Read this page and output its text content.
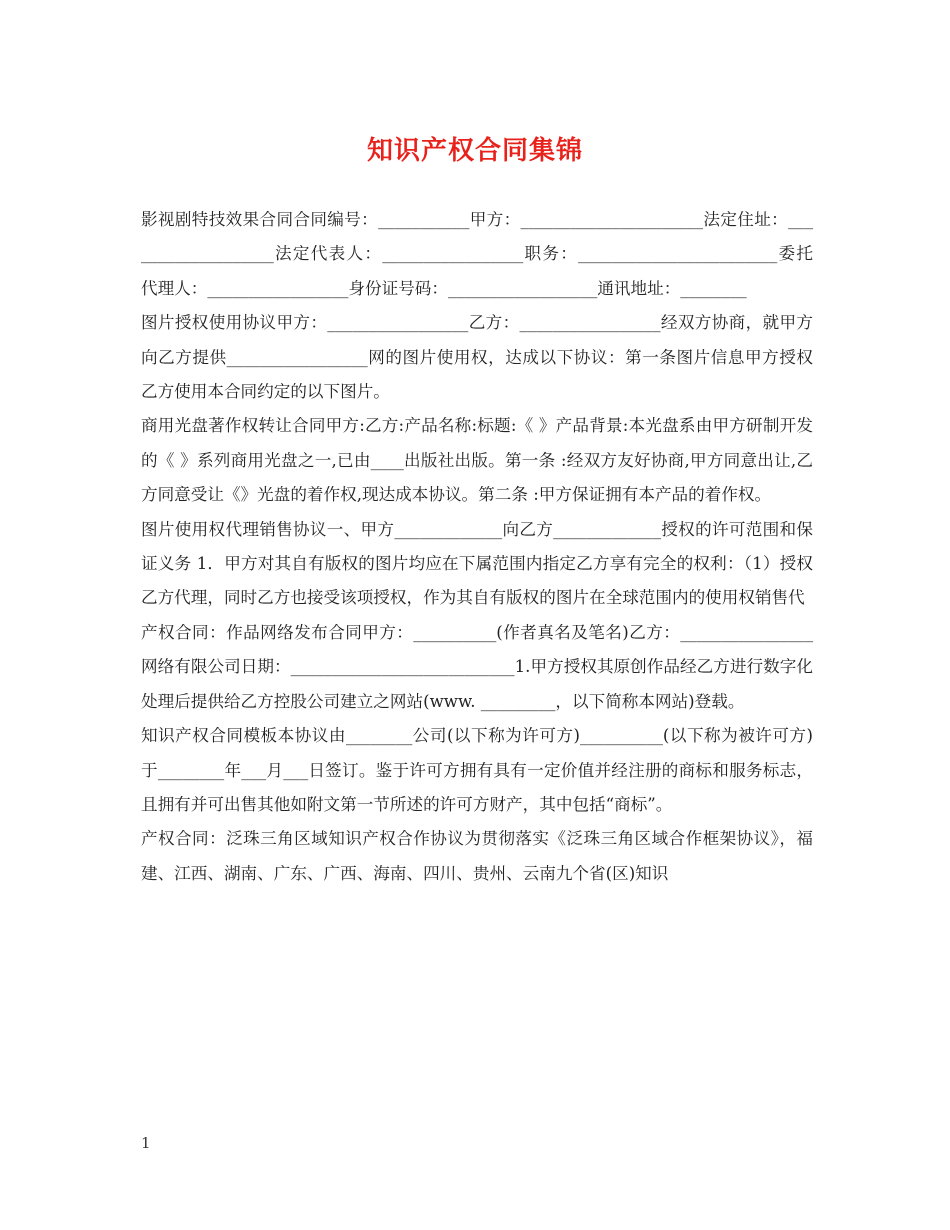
知识产权合同集锦

影视剧特技效果合同合同编号：___________甲方：______________________法定住址：___________________法定代表人：_________________职务：________________________委托代理人：_________________身份证号码：__________________通讯地址：________

图片授权使用协议甲方：_________________乙方：_________________经双方协商，就甲方向乙方提供_________________网的图片使用权，达成以下协议：第一条图片信息甲方授权乙方使用本合同约定的以下图片。

商用光盘著作权转让合同甲方:乙方:产品名称:标题:《 》产品背景:本光盘系由甲方研制开发的《 》系列商用光盘之一,已由____出版社出版。第一条 :经双方友好协商,甲方同意出让,乙方同意受让《》光盘的着作权,现达成本协议。第二条 :甲方保证拥有本产品的着作权。

图片使用权代理销售协议一、甲方_____________向乙方_____________授权的许可范围和保证义务 1．甲方对其自有版权的图片均应在下属范围内指定乙方享有完全的权利：（1）授权乙方代理，同时乙方也接受该项授权，作为其自有版权的图片在全球范围内的使用权销售代

产权合同：作品网络发布合同甲方：__________(作者真名及笔名)乙方：________________网络有限公司日期：___________________________1.甲方授权其原创作品经乙方进行数字化处理后提供给乙方控股公司建立之网站(www. _________，以下简称本网站)登载。

知识产权合同模板本协议由________公司(以下称为许可方)__________(以下称为被许可方)于________年___月___日签订。鉴于许可方拥有具有一定价值并经注册的商标和服务标志，且拥有并可出售其他如附文第一节所述的许可方财产，其中包括“商标”。

产权合同：泛珠三角区域知识产权合作协议为贯彻落实《泛珠三角区域合作框架协议》，福建、江西、湖南、广东、广西、海南、四川、贵州、云南九个省(区)知识

1
